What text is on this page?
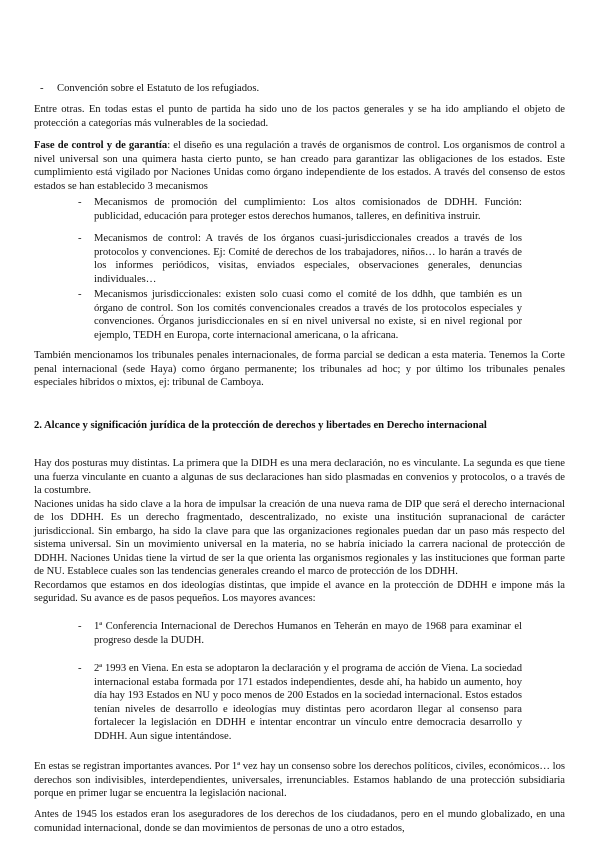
- Convención sobre el Estatuto de los refugiados.

Entre otras. En todas estas el punto de partida ha sido uno de los pactos generales y se ha ido ampliando el objeto de protección a categorías más vulnerables de la sociedad.

Fase de control y de garantía: el diseño es una regulación a través de organismos de control. Los organismos de control a nivel universal son una quimera hasta cierto punto, se han creado para garantizar las obligaciones de los estados. Este cumplimiento está vigilado por Naciones Unidas como órgano independiente de los estados. A través del consenso de estos estados se han establecido 3 mecanismos

- Mecanismos de promoción del cumplimiento: Los altos comisionados de DDHH. Función: publicidad, educación para proteger estos derechos humanos, talleres, en definitiva instruir.

- Mecanismos de control: A través de los órganos cuasi-jurisdiccionales creados a través de los protocolos y convenciones. Ej: Comité de derechos de los trabajadores, niños… lo harán a través de los informes periódicos, visitas, enviados especiales, observaciones generales, denuncias individuales…

- Mecanismos jurisdiccionales: existen solo cuasi como el comité de los ddhh, que también es un órgano de control. Son los comités convencionales creados a través de los protocolos especiales y convenciones. Órganos jurisdiccionales en sí en nivel universal no existe, si en nivel regional por ejemplo, TEDH en Europa, corte internacional americana, o la africana.

También mencionamos los tribunales penales internacionales, de forma parcial se dedican a esta materia. Tenemos la Corte penal internacional (sede Haya) como órgano permanente; los tribunales ad hoc; y por último los tribunales penales especiales híbridos o mixtos, ej: tribunal de Camboya.

2. Alcance y significación jurídica de la protección de derechos y libertades en Derecho internacional

Hay dos posturas muy distintas. La primera que la DIDH es una mera declaración, no es vinculante. La segunda es que tiene una fuerza vinculante en cuanto a algunas de sus declaraciones han sido plasmadas en convenios y protocolos, o a través de la costumbre.
Naciones unidas ha sido clave a la hora de impulsar la creación de una nueva rama de DIP que será el derecho internacional de los DDHH. Es un derecho fragmentado, descentralizado, no existe una institución supranacional de carácter jurisdiccional. Sin embargo, ha sido la clave para que las organizaciones regionales puedan dar un paso más respecto del sistema universal. Sin un movimiento universal en la materia, no se habría iniciado la carrera nacional de protección de DDHH. Naciones Unidas tiene la virtud de ser la que orienta las organismos regionales y las instituciones que forman parte de NU. Establece cuales son las tendencias generales creando el marco de protección de los DDHH.
Recordamos que estamos en dos ideologías distintas, que impide el avance en la protección de DDHH e impone más la seguridad. Su avance es de pasos pequeños. Los mayores avances:

- 1ª Conferencia Internacional de Derechos Humanos en Teherán en mayo de 1968 para examinar el progreso desde la DUDH.

- 2ª 1993 en Viena. En esta se adoptaron la declaración y el programa de acción de Viena. La sociedad internacional estaba formada por 171 estados independientes, desde ahí, ha habido un aumento, hoy día hay 193 Estados en NU y poco menos de 200 Estados en la sociedad internacional. Estos estados tenían niveles de desarrollo e ideologías muy distintas pero acordaron llegar al consenso para fortalecer la legislación en DDHH e intentar encontrar un vínculo entre democracia desarrollo y DDHH. Aun sigue intentándose.

En estas se registran importantes avances. Por 1ª vez hay un consenso sobre los derechos políticos, civiles, económicos… los derechos son indivisibles, interdependientes, universales, irrenunciables. Estamos hablando de una protección subsidiaria porque en primer lugar se encuentra la legislación nacional.

Antes de 1945 los estados eran los aseguradores de los derechos de los ciudadanos, pero en el mundo globalizado, en una comunidad internacional, donde se dan movimientos de personas de uno a otro estados,
